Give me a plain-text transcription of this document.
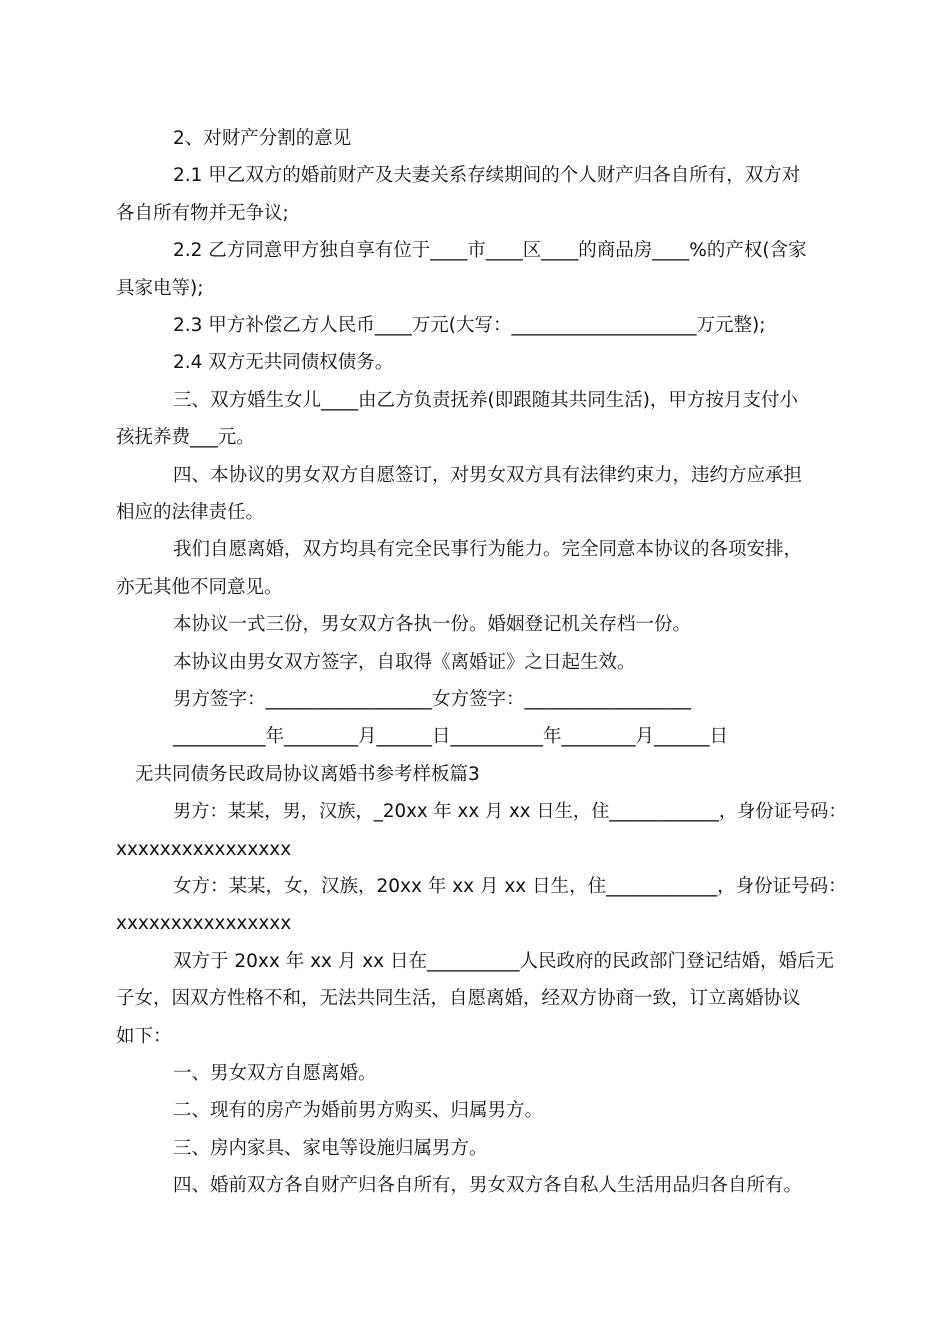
2、对财产分割的意见
2.1 甲乙双方的婚前财产及夫妻关系存续期间的个人财产归各自所有，双方对
各自所有物并无争议;
2.2 乙方同意甲方独自享有位于____市____区____的商品房____%的产权(含家
具家电等);
2.3 甲方补偿乙方人民币____万元(大写：____________________万元整);
2.4 双方无共同债权债务。
三、双方婚生女儿____由乙方负责抚养(即跟随其共同生活)，甲方按月支付小
孩抚养费___元。
四、本协议的男女双方自愿签订，对男女双方具有法律约束力，违约方应承担
相应的法律责任。
我们自愿离婚，双方均具有完全民事行为能力。完全同意本协议的各项安排，
亦无其他不同意见。
本协议一式三份，男女双方各执一份。婚姻登记机关存档一份。
本协议由男女双方签字，自取得《离婚证》之日起生效。
男方签字：__________________女方签字：__________________
__________年________月______日__________年________月______日
无共同债务民政局协议离婚书参考样板篇3
男方：某某，男，汉族，_20xx 年 xx 月 xx 日生，住____________，身份证号码：
xxxxxxxxxxxxxxxx
女方：某某，女，汉族，20xx 年 xx 月 xx 日生，住____________，身份证号码：
xxxxxxxxxxxxxxxx
双方于 20xx 年 xx 月 xx 日在__________人民政府的民政部门登记结婚，婚后无
子女，因双方性格不和，无法共同生活，自愿离婚，经双方协商一致，订立离婚协议
如下：
一、男女双方自愿离婚。
二、现有的房产为婚前男方购买、归属男方。
三、房内家具、家电等设施归属男方。
四、婚前双方各自财产归各自所有，男女双方各自私人生活用品归各自所有。
